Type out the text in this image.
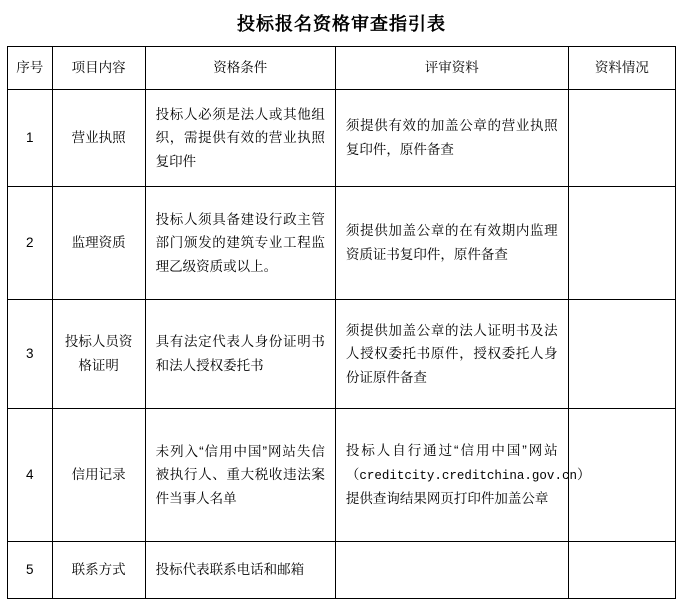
投标报名资格审查指引表
序号	项目内容	资格条件	评审资料	资料情况
1	营业执照	投标人必须是法人或其他组织，需提供有效的营业执照复印件	须提供有效的加盖公章的营业执照复印件，原件备查	
2	监理资质	投标人须具备建设行政主管部门颁发的建筑专业工程监理乙级资质或以上。	须提供加盖公章的在有效期内监理资质证书复印件，原件备查	
3	投标人员资格证明	具有法定代表人身份证明书和法人授权委托书	须提供加盖公章的法人证明书及法人授权委托书原件，授权委托人身份证原件备查	
4	信用记录	未列入“信用中国”网站失信被执行人、重大税收违法案件当事人名单	投标人自行通过“信用中国”网站（creditcity.creditchina.gov.cn）提供查询结果网页打印件加盖公章	
5	联系方式	投标代表联系电话和邮箱		
